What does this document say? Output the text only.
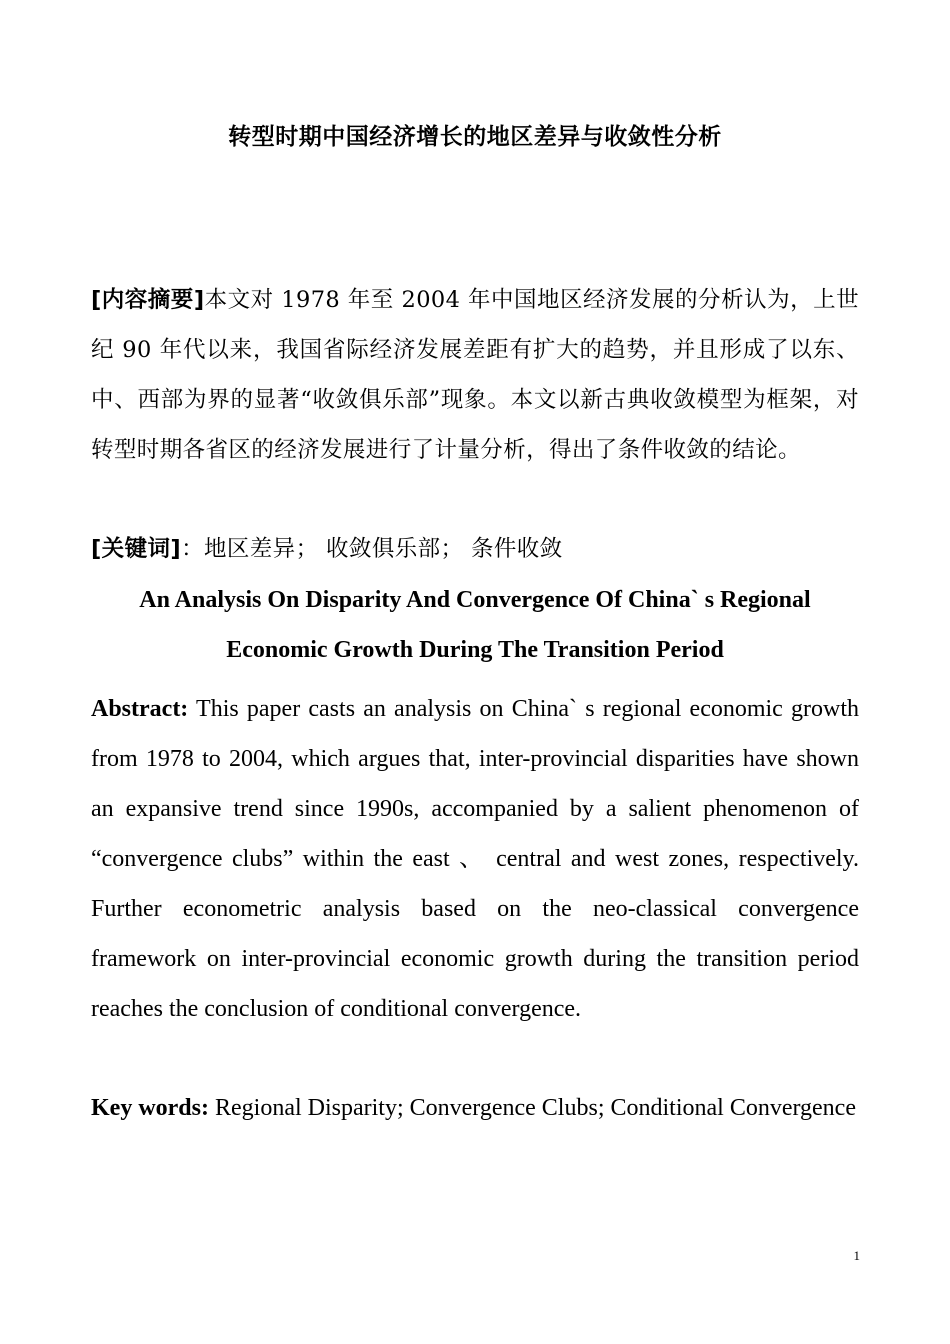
转型时期中国经济增长的地区差异与收敛性分析
[内容摘要]本文对 1978 年至 2004 年中国地区经济发展的分析认为，上世纪 90 年代以来，我国省际经济发展差距有扩大的趋势，并且形成了以东、中、西部为界的显著“收敛俱乐部”现象。本文以新古典收敛模型为框架，对转型时期各省区的经济发展进行了计量分析，得出了条件收敛的结论。
[关键词]：地区差异； 收敛俱乐部； 条件收敛
An Analysis On Disparity And Convergence Of China` s Regional Economic Growth During The Transition Period
Abstract: This paper casts an analysis on China` s regional economic growth from 1978 to 2004, which argues that, inter-provincial disparities have shown an expansive trend since 1990s, accompanied by a salient phenomenon of “convergence clubs” within the east 、 central and west zones, respectively. Further econometric analysis based on the neo-classical convergence framework on inter-provincial economic growth during the transition period reaches the conclusion of conditional convergence.
Key words: Regional Disparity; Convergence Clubs; Conditional Convergence
1
